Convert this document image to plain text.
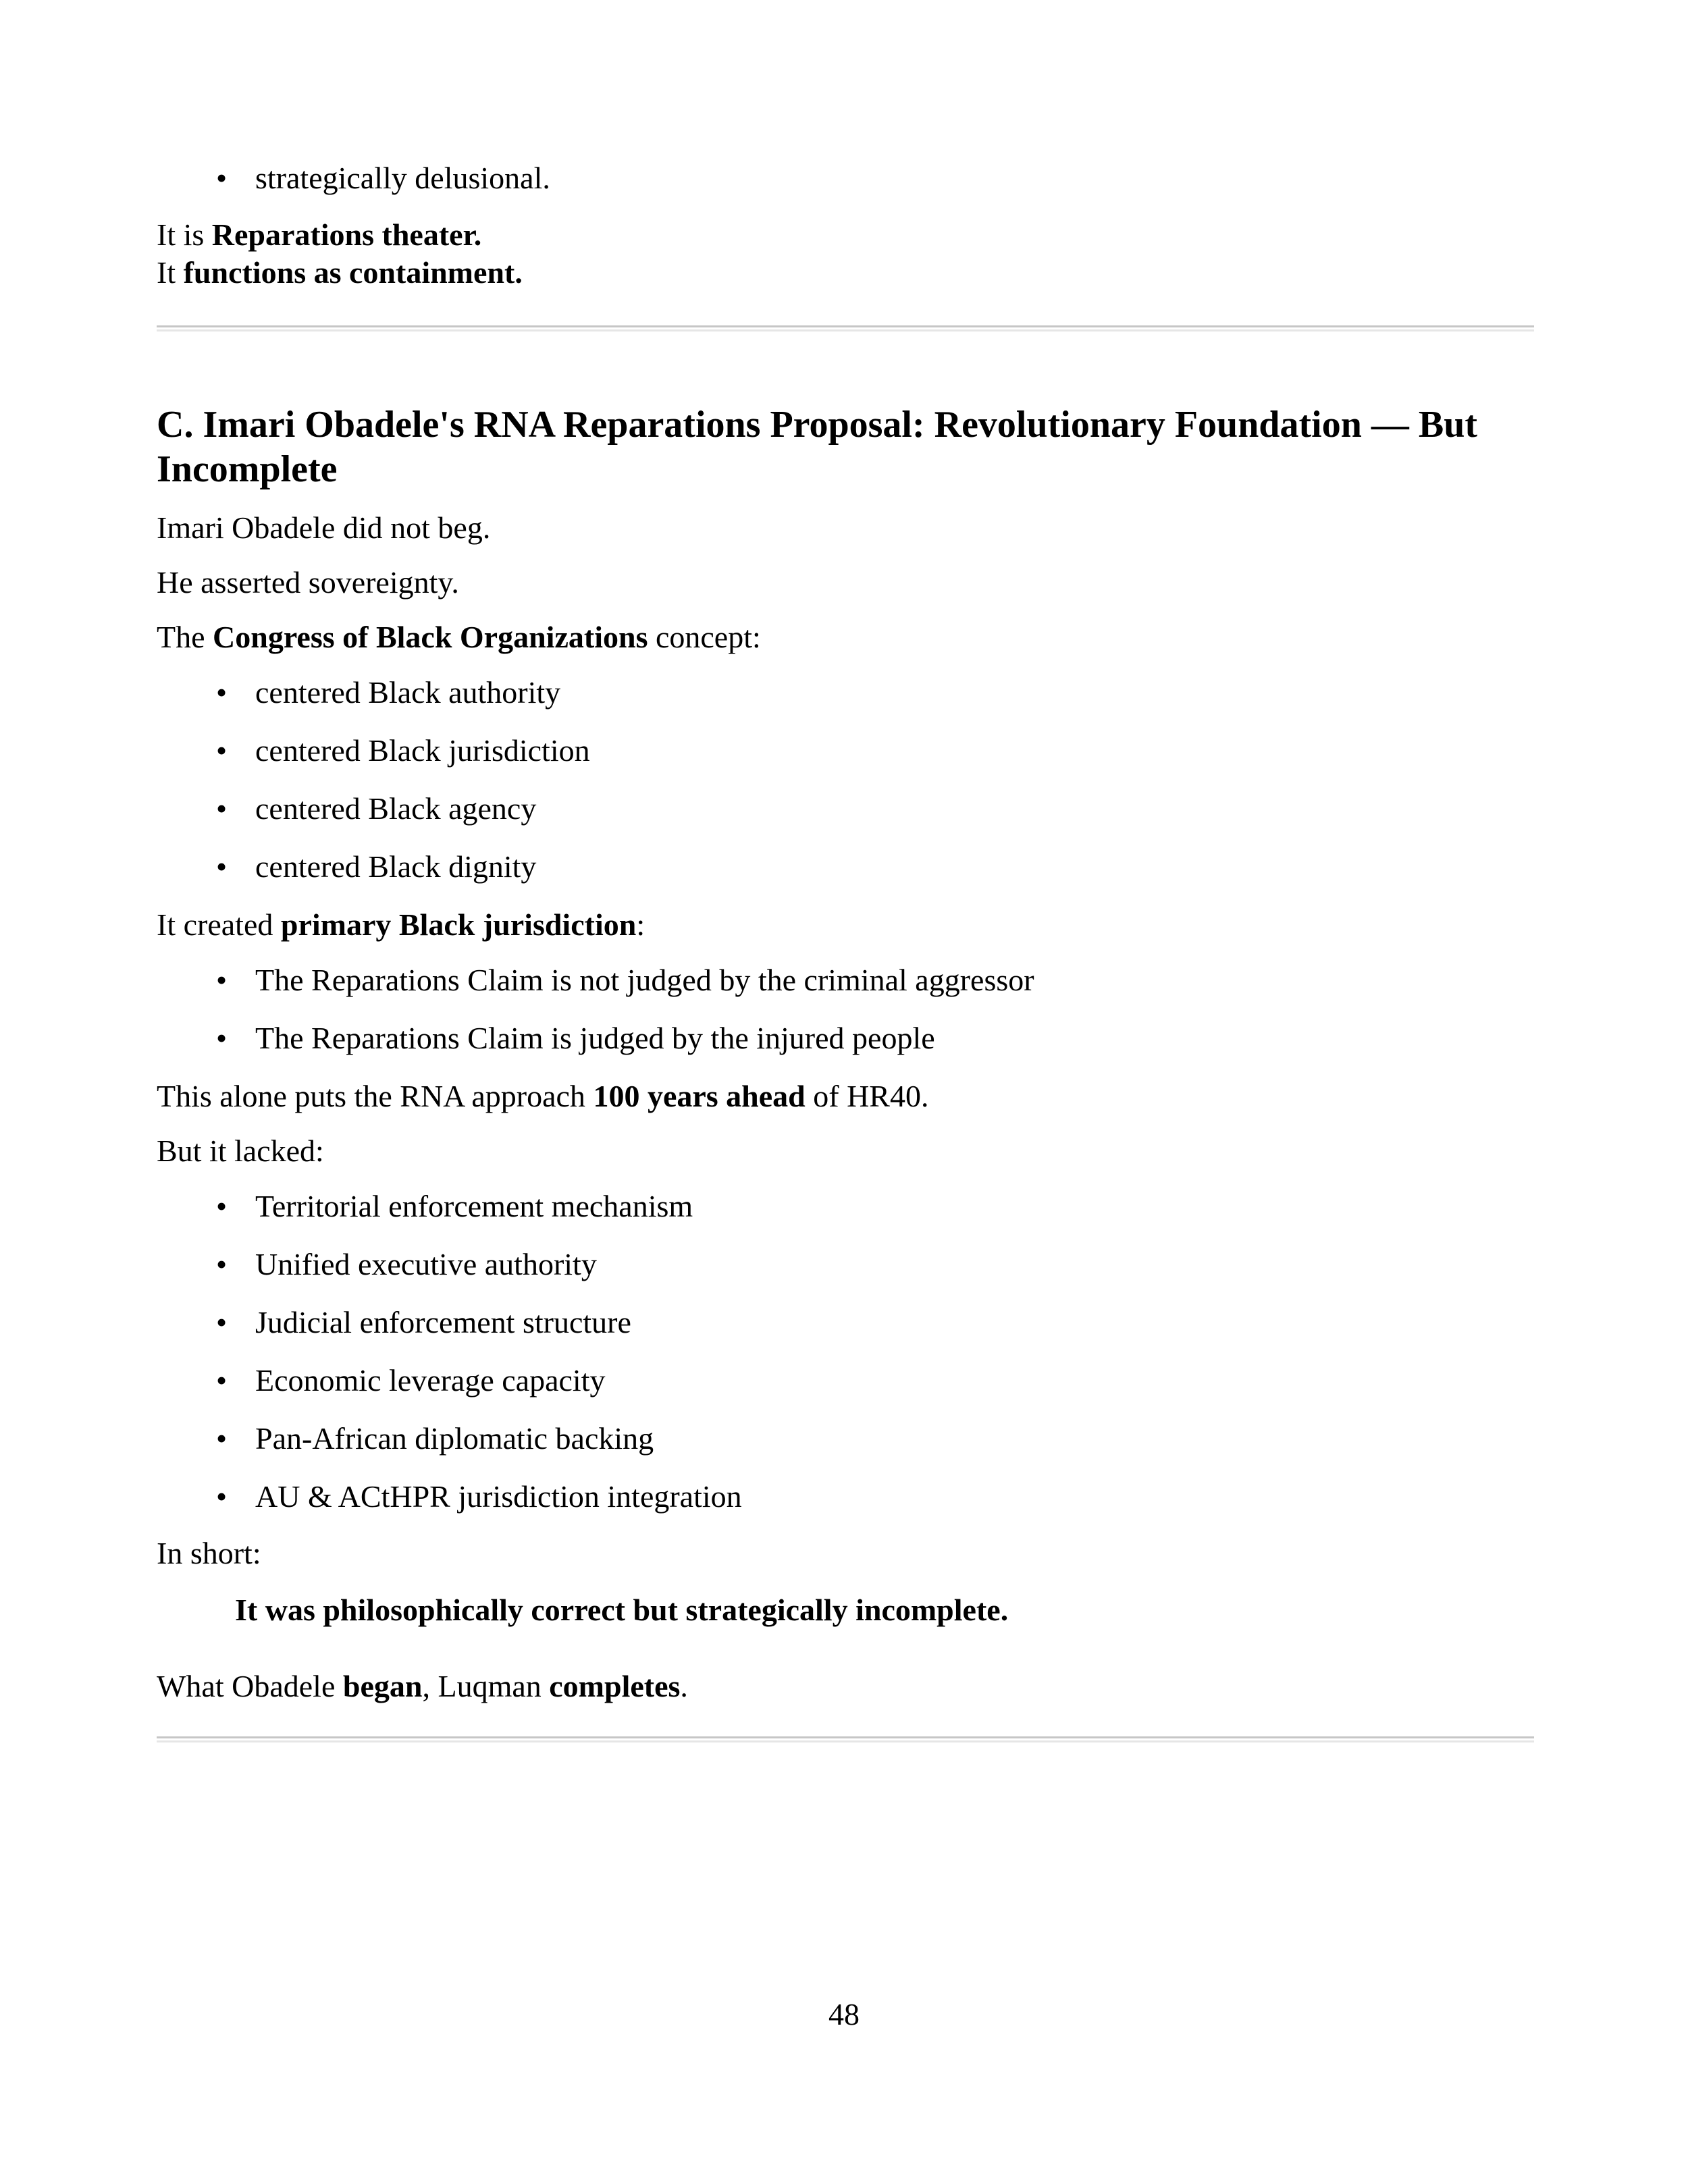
• strategically delusional.
It is Reparations theater.
It functions as containment.
C. Imari Obadele's RNA Reparations Proposal: Revolutionary Foundation — But Incomplete
Imari Obadele did not beg.
He asserted sovereignty.
The Congress of Black Organizations concept:
• centered Black authority
• centered Black jurisdiction
• centered Black agency
• centered Black dignity
It created primary Black jurisdiction:
• The Reparations Claim is not judged by the criminal aggressor
• The Reparations Claim is judged by the injured people
This alone puts the RNA approach 100 years ahead of HR40.
But it lacked:
• Territorial enforcement mechanism
• Unified executive authority
• Judicial enforcement structure
• Economic leverage capacity
• Pan-African diplomatic backing
• AU & ACtHPR jurisdiction integration
In short:
It was philosophically correct but strategically incomplete.
What Obadele began, Luqman completes.
48
